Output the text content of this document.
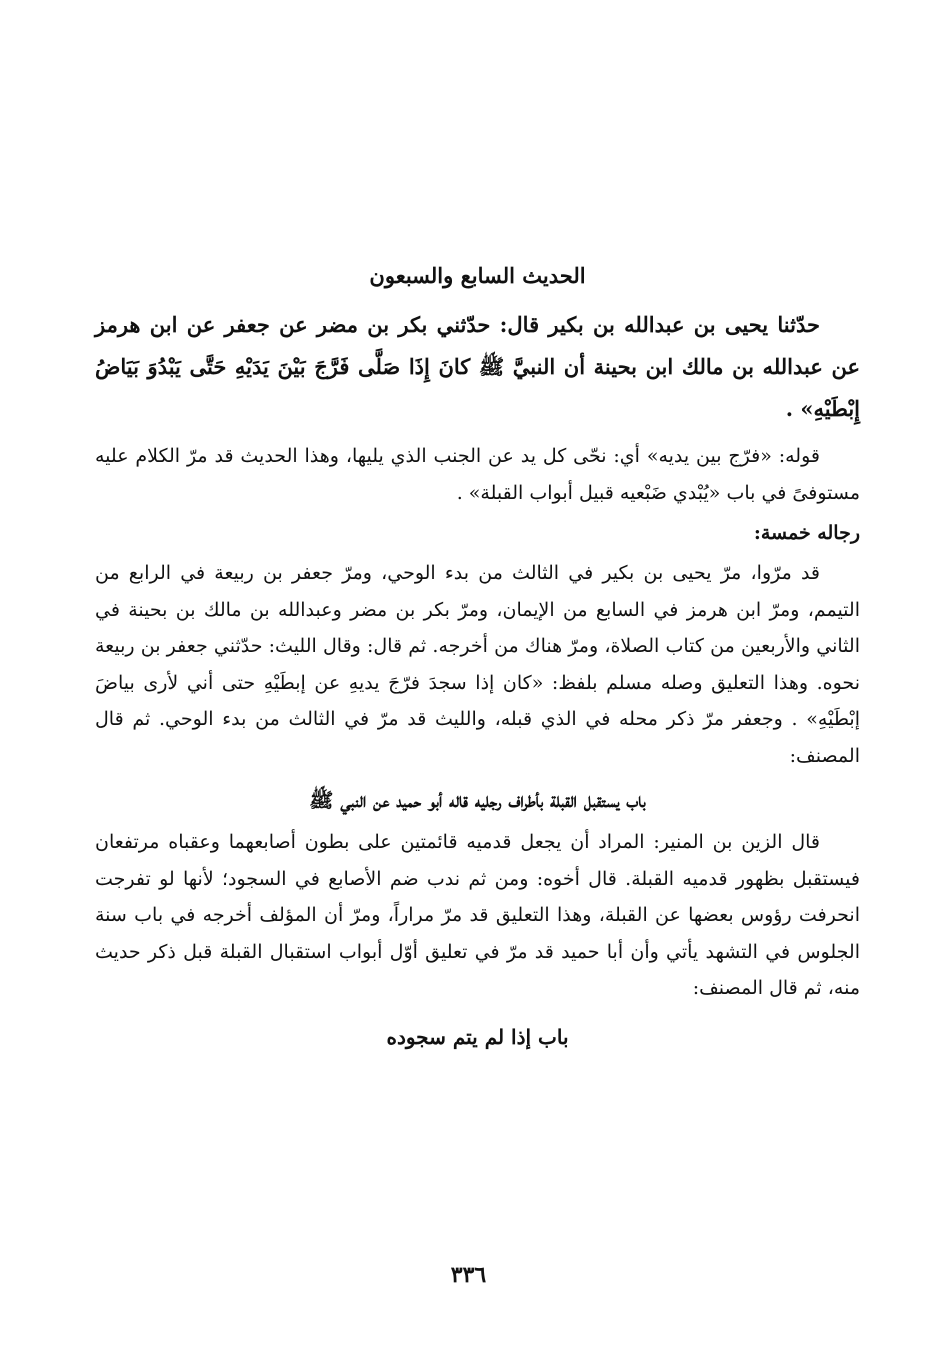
الحديث السابع والسبعون

حدّثنا يحيى بن عبدالله بن بكير قال: حدّثني بكر بن مضر عن جعفر عن ابن هرمز عن عبدالله بن مالك ابن بحينة أن النبيَّ ﷺ كانَ إِذَا صَلَّى فَرَّجَ بَيْنَ يَدَيْهِ حَتَّى يَبْدُوَ بَيَاضُ إِبْطَيْهِ» .

قوله: «فرّج بين يديه» أي: نحّى كل يد عن الجنب الذي يليها، وهذا الحديث قد مرّ الكلام عليه مستوفىً في باب «يُبْدي ضَبْعيه قبيل أبواب القبلة» .

رجاله خمسة:

قد مرّوا، مرّ يحيى بن بكير في الثالث من بدء الوحي، ومرّ جعفر بن ربيعة في الرابع من التيمم، ومرّ ابن هرمز في السابع من الإيمان، ومرّ بكر بن مضر وعبدالله بن مالك بن بحينة في الثاني والأربعين من كتاب الصلاة، ومرّ هناك من أخرجه. ثم قال: وقال الليث: حدّثني جعفر بن ربيعة نحوه. وهذا التعليق وصله مسلم بلفظ: «كان إذا سجدَ فرّجَ يديهِ عن إبطَيْهِ حتى أني لأرى بياضَ إبْطَيْهِ» . وجعفر مرّ ذكر محله في الذي قبله، والليث قد مرّ في الثالث من بدء الوحي. ثم قال المصنف:

باب يستقبل القبلة بأطراف رجليه قاله أبو حميد عن النبي ﷺ

قال الزين بن المنير: المراد أن يجعل قدميه قائمتين على بطون أصابعهما وعقباه مرتفعان فيستقبل بظهور قدميه القبلة. قال أخوه: ومن ثم ندب ضم الأصابع في السجود؛ لأنها لو تفرجت انحرفت رؤوس بعضها عن القبلة، وهذا التعليق قد مرّ مراراً، ومرّ أن المؤلف أخرجه في باب سنة الجلوس في التشهد يأتي وأن أبا حميد قد مرّ في تعليق أوّل أبواب استقبال القبلة قبل ذكر حديث منه، ثم قال المصنف:

باب إذا لم يتم سجوده
٣٣٦
